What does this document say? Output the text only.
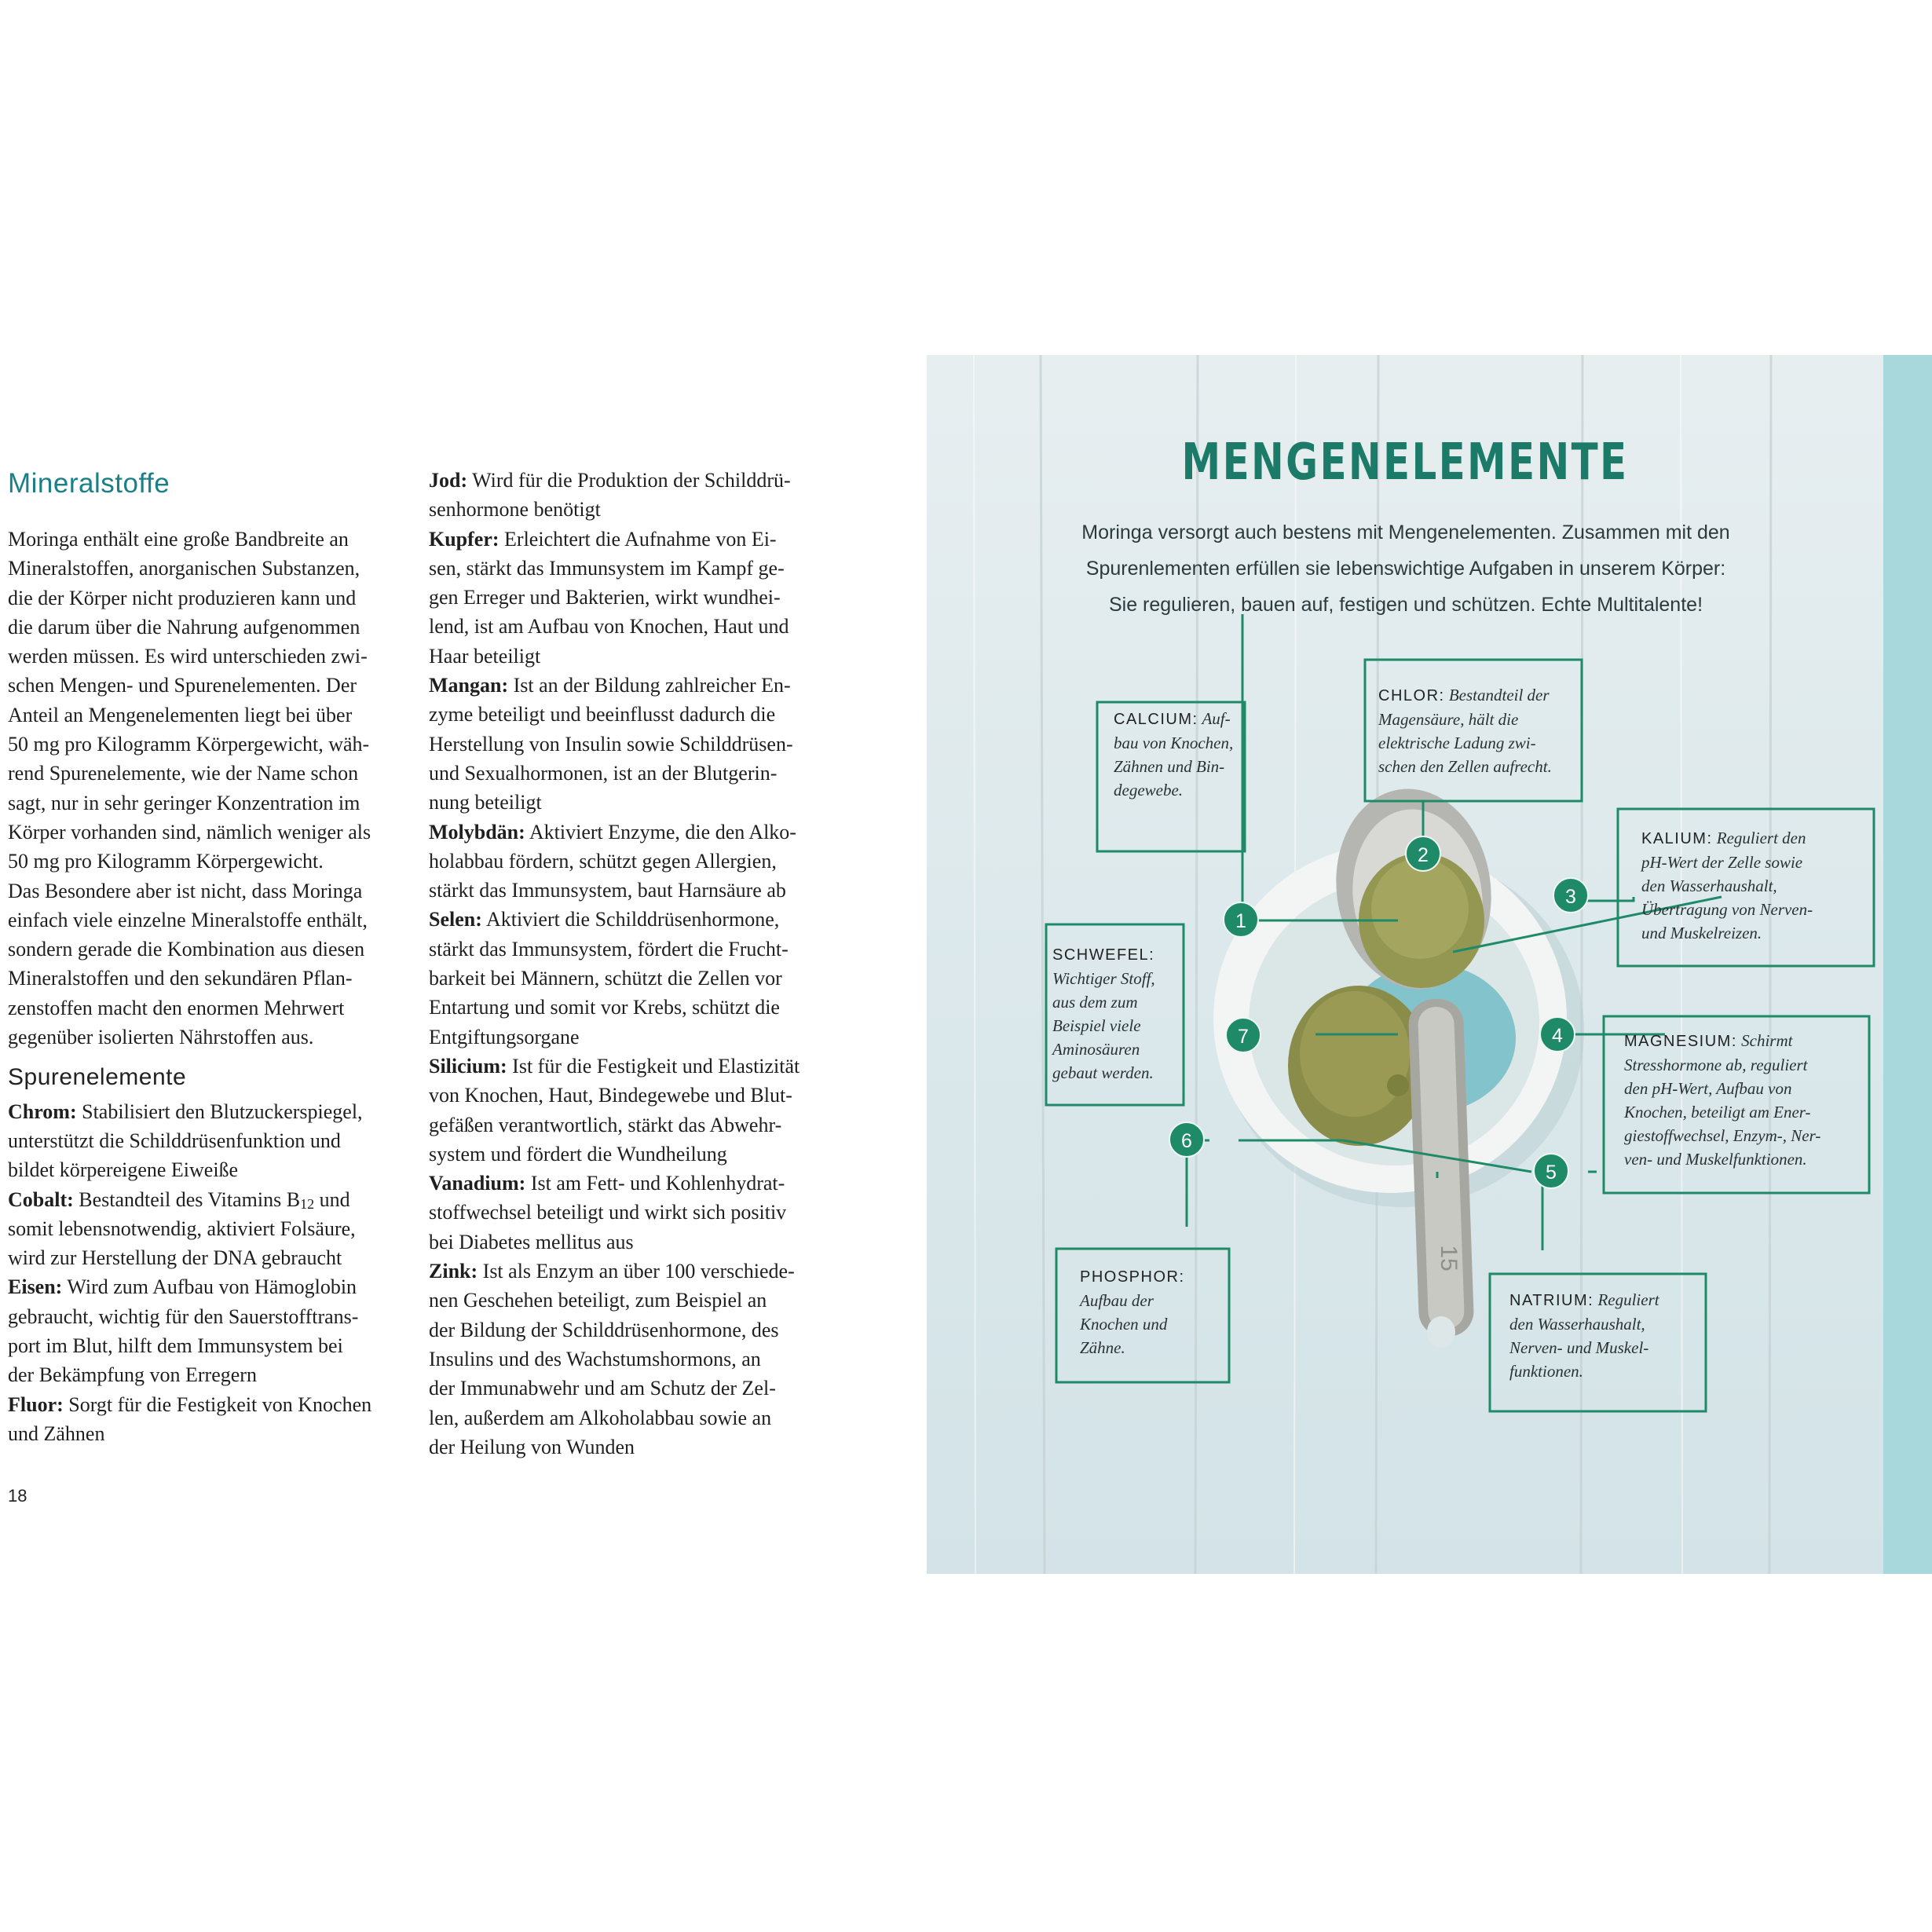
Mineralstoffe

Moringa enthält eine große Bandbreite an
Mineralstoffen, anorganischen Substanzen,
die der Körper nicht produzieren kann und
die darum über die Nahrung aufgenommen
werden müssen. Es wird unterschieden zwi-
schen Mengen- und Spurenelementen. Der
Anteil an Mengenelementen liegt bei über
50 mg pro Kilogramm Körpergewicht, wäh-
rend Spurenelemente, wie der Name schon
sagt, nur in sehr geringer Konzentration im
Körper vorhanden sind, nämlich weniger als
50 mg pro Kilogramm Körpergewicht.
Das Besondere aber ist nicht, dass Moringa
einfach viele einzelne Mineralstoffe enthält,
sondern gerade die Kombination aus diesen
Mineralstoffen und den sekundären Pflan-
zenstoffen macht den enormen Mehrwert
gegenüber isolierten Nährstoffen aus.

Spurenelemente

Chrom: Stabilisiert den Blutzuckerspiegel,
unterstützt die Schilddrüsenfunktion und
bildet körpereigene Eiweiße

Cobalt: Bestandteil des Vitamins $B_{12}$ und
somit lebensnotwendig, aktiviert Folsäure,
wird zur Herstellung der DNA gebraucht

Eisen: Wird zum Aufbau von Hämoglobin
gebraucht, wichtig für den Sauerstofftrans-
port im Blut, hilft dem Immunsystem bei
der Bekämpfung von Erregern

Fluor: Sorgt für die Festigkeit von Knochen
und Zähnen

Jod: Wird für die Produktion der Schilddrü-
senhormone benötigt

Kupfer: Erleichtert die Aufnahme von Ei-
sen, stärkt das Immunsystem im Kampf ge-
gen Erreger und Bakterien, wirkt wundhei-
lend, ist am Aufbau von Knochen, Haut und
Haar beteiligt

Mangan: Ist an der Bildung zahlreicher En-
zyme beteiligt und beeinflusst dadurch die
Herstellung von Insulin sowie Schilddrüsen-
und Sexualhormonen, ist an der Blutgerin-
nung beteiligt

Molybdän: Aktiviert Enzyme, die den Alko-
holabbau fördern, schützt gegen Allergien,
stärkt das Immunsystem, baut Harnsäure ab

Selen: Aktiviert die Schilddrüsenhormone,
stärkt das Immunsystem, fördert die Frucht-
barkeit bei Männern, schützt die Zellen vor
Entartung und somit vor Krebs, schützt die
Entgiftungsorgane

Silicium: Ist für die Festigkeit und Elastizität
von Knochen, Haut, Bindegewebe und Blut-
gefäßen verantwortlich, stärkt das Abwehr-
system und fördert die Wundheilung

Vanadium: Ist am Fett- und Kohlenhydrat-
stoffwechsel beteiligt und wirkt sich positiv
bei Diabetes mellitus aus

Zink: Ist als Enzym an über 100 verschiede-
nen Geschehen beteiligt, zum Beispiel an
der Bildung der Schilddrüsenhormone, des
Insulins und des Wachstumshormons, an
der Immunabwehr und am Schutz der Zel-
len, außerdem am Alkoholabbau sowie an
der Heilung von Wunden

18
15
MENGENELEMENTE
Moringa versorgt auch bestens mit Mengenelementen. Zusammen mit den
Spurenlementen erfüllen sie lebenswichtige Aufgaben in unserem Körper:
Sie regulieren, bauen auf, festigen und schützen. Echte Multitalente!
CALCIUM: Auf-
bau von Knochen,
Zähnen und Bin-
degewebe.
CHLOR: Bestandteil der
Magensäure, hält die
elektrische Ladung zwi-
schen den Zellen aufrecht.
KALIUM: Reguliert den
pH-Wert der Zelle sowie
den Wasserhaushalt,
Übertragung von Nerven-
und Muskelreizen.
SCHWEFEL:
Wichtiger Stoff,
aus dem zum
Beispiel viele
Aminosäuren
gebaut werden.
MAGNESIUM: Schirmt
Stresshormone ab, reguliert
den pH-Wert, Aufbau von
Knochen, beteiligt am Ener-
giestoffwechsel, Enzym-, Ner-
ven- und Muskelfunktionen.
PHOSPHOR:
Aufbau der
Knochen und
Zähne.
NATRIUM: Reguliert
den Wasserhaushalt,
Nerven- und Muskel-
funktionen.
1
2
3
4
5
6
7
